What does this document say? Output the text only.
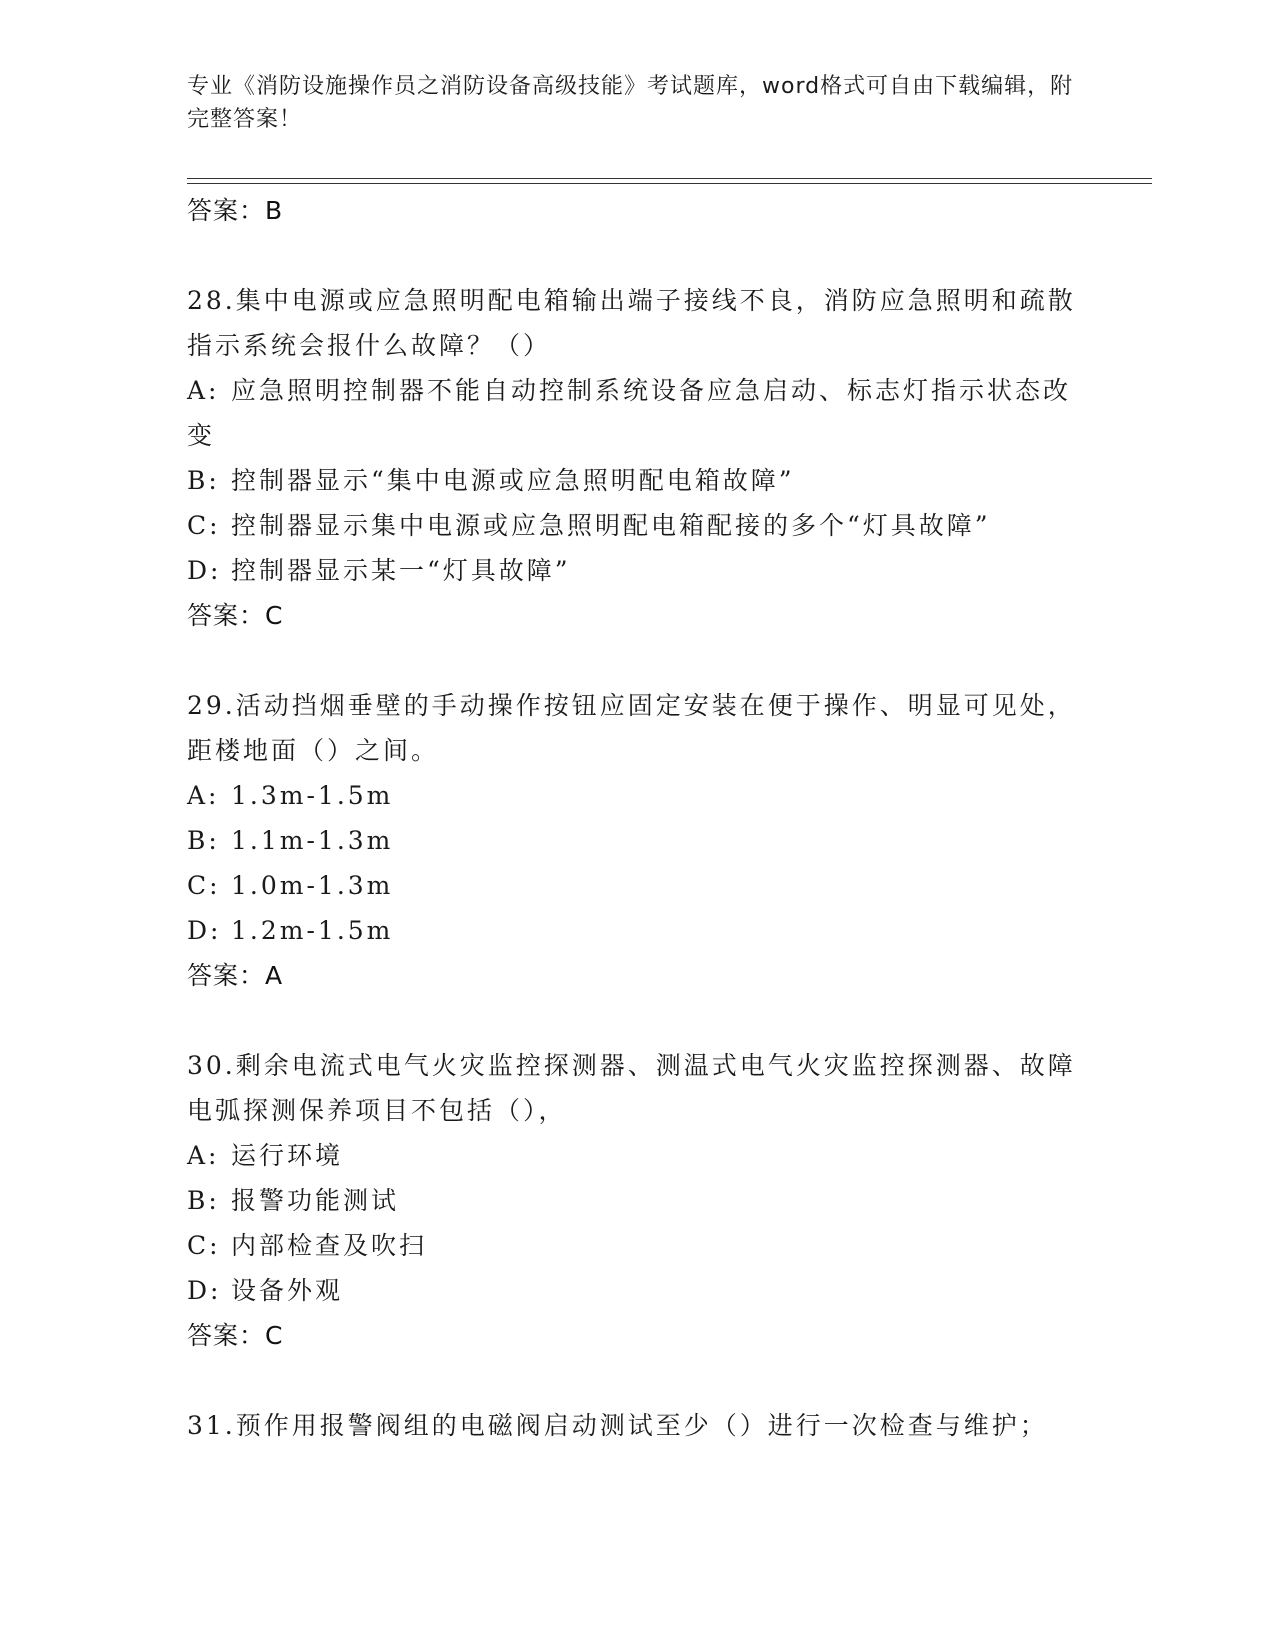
专业《消防设施操作员之消防设备高级技能》考试题库，word格式可自由下载编辑，附完整答案！
答案：B
28.集中电源或应急照明配电箱输出端子接线不良，消防应急照明和疏散指示系统会报什么故障？（）
A: 应急照明控制器不能自动控制系统设备应急启动、标志灯指示状态改变
B: 控制器显示“集中电源或应急照明配电箱故障”
C: 控制器显示集中电源或应急照明配电箱配接的多个“灯具故障”
D: 控制器显示某一“灯具故障”
答案：C
29.活动挡烟垂壁的手动操作按钮应固定安装在便于操作、明显可见处，距楼地面（）之间。
A: 1.3m-1.5m
B: 1.1m-1.3m
C: 1.0m-1.3m
D: 1.2m-1.5m
答案：A
30.剩余电流式电气火灾监控探测器、测温式电气火灾监控探测器、故障电弧探测保养项目不包括（），
A: 运行环境
B: 报警功能测试
C: 内部检查及吹扫
D: 设备外观
答案：C
31.预作用报警阀组的电磁阀启动测试至少（）进行一次检查与维护；
